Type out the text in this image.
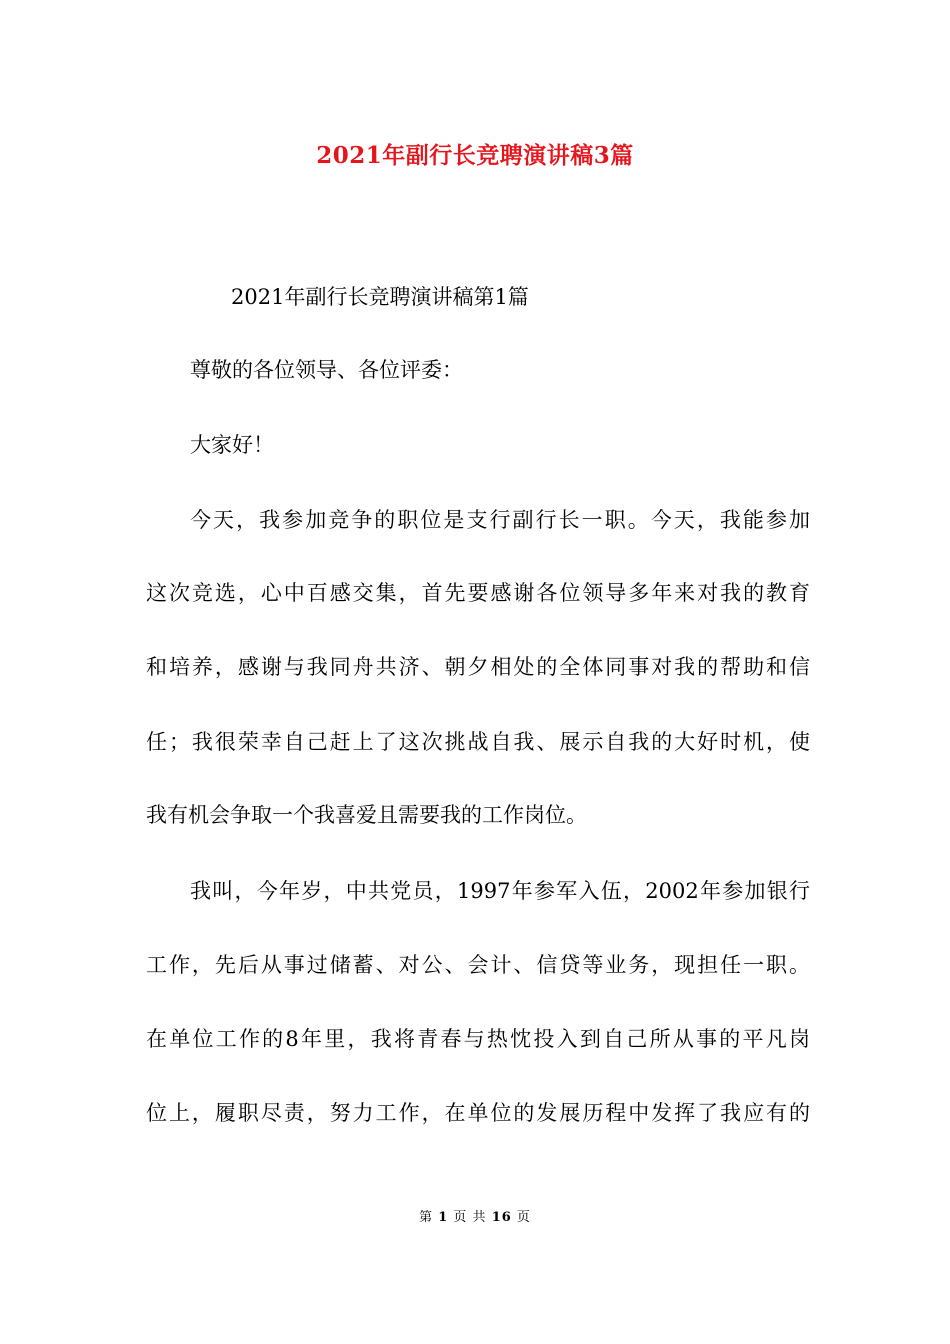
2021年副行长竞聘演讲稿3篇
2021年副行长竞聘演讲稿第1篇
尊敬的各位领导、各位评委：
大家好！
今天，我参加竞争的职位是支行副行长一职。今天，我能参加
这次竞选，心中百感交集，首先要感谢各位领导多年来对我的教育
和培养，感谢与我同舟共济、朝夕相处的全体同事对我的帮助和信
任；我很荣幸自己赶上了这次挑战自我、展示自我的大好时机，使
我有机会争取一个我喜爱且需要我的工作岗位。
我叫，今年岁，中共党员，1997年参军入伍，2002年参加银行
工作，先后从事过储蓄、对公、会计、信贷等业务，现担任一职。
在单位工作的8年里，我将青春与热忱投入到自己所从事的平凡岗
位上，履职尽责，努力工作，在单位的发展历程中发挥了我应有的
第 1 页 共 16 页
